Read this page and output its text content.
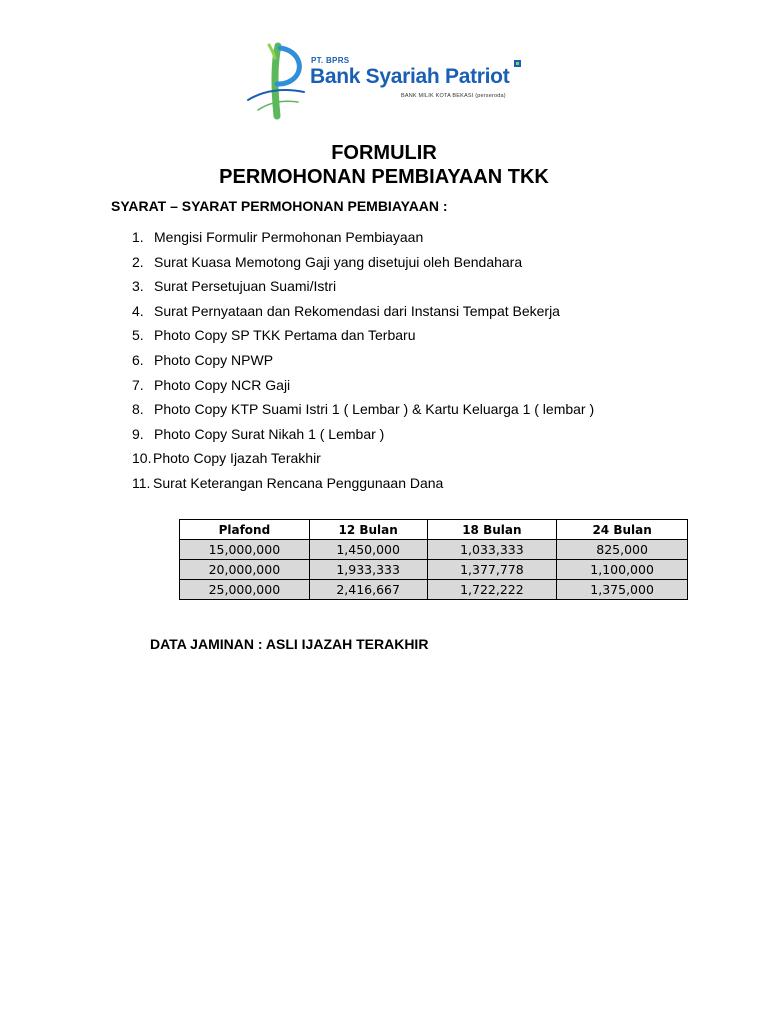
PT. BPRS
Bank Syariah Patriot
BANK MILIK KOTA BEKASI (perseroda)
FORMULIR
PERMOHONAN PEMBIAYAAN TKK
SYARAT – SYARAT PERMOHONAN PEMBIAYAAN :
1. Mengisi Formulir Permohonan Pembiayaan
2. Surat Kuasa Memotong Gaji yang disetujui oleh Bendahara
3. Surat Persetujuan Suami/Istri
4. Surat Pernyataan dan Rekomendasi dari Instansi Tempat Bekerja
5. Photo Copy SP TKK Pertama dan Terbaru
6. Photo Copy NPWP
7. Photo Copy NCR Gaji
8. Photo Copy KTP Suami Istri 1 ( Lembar ) & Kartu Keluarga 1 ( lembar )
9. Photo Copy Surat Nikah 1 ( Lembar )
10. Photo Copy Ijazah Terakhir
11. Surat Keterangan Rencana Penggunaan Dana
Plafond	12 Bulan	18 Bulan	24 Bulan
15,000,000	1,450,000	1,033,333	825,000
20,000,000	1,933,333	1,377,778	1,100,000
25,000,000	2,416,667	1,722,222	1,375,000
DATA JAMINAN : ASLI IJAZAH TERAKHIR
